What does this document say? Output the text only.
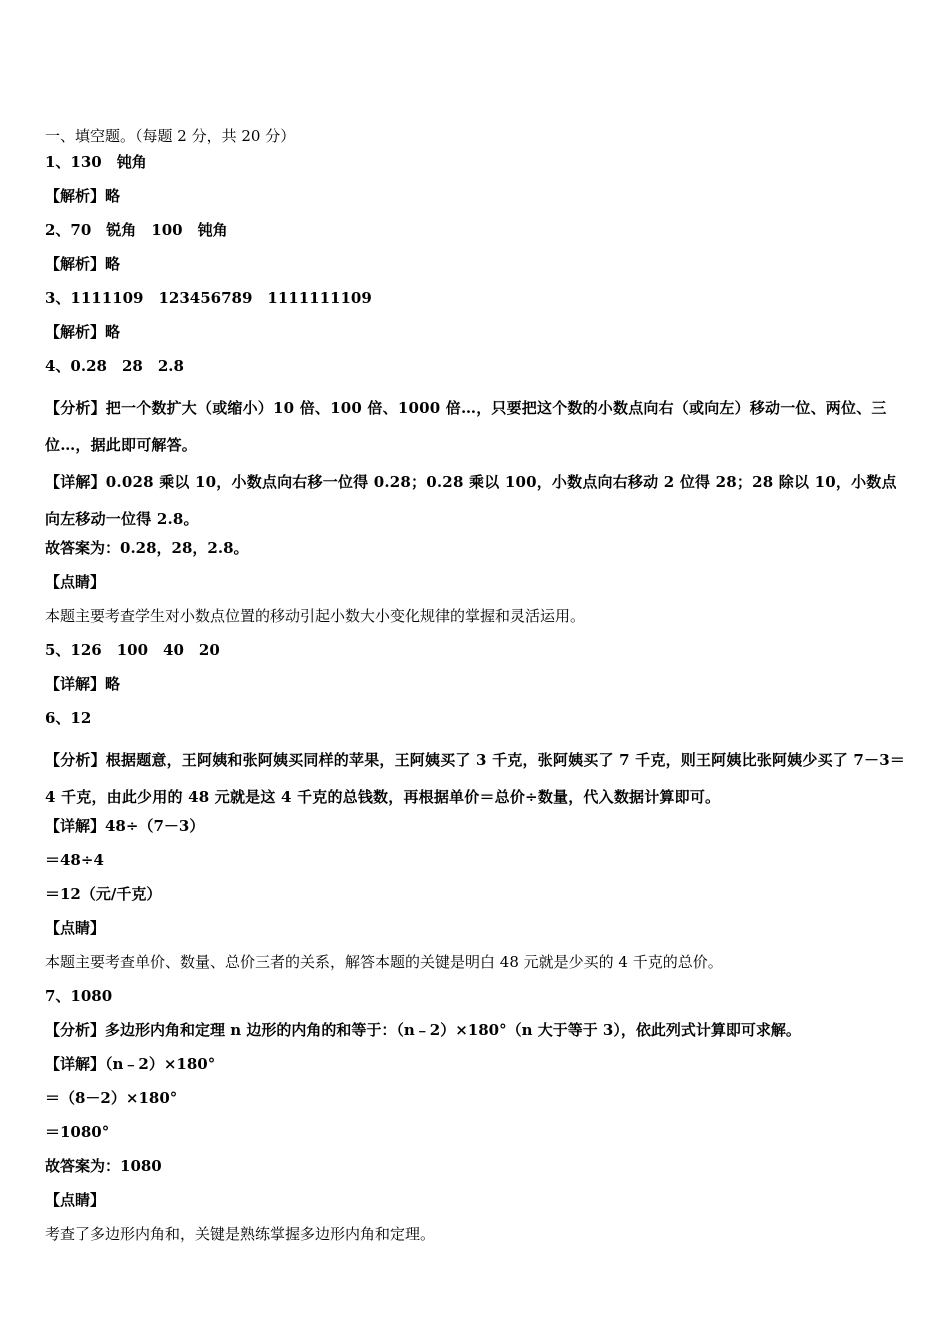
一、填空题。（每题 2 分，共 20 分）
1、130　钝角
【解析】略
2、70　锐角　100　钝角
【解析】略
3、1111109　123456789　1111111109
【解析】略
4、0.28　28　2.8
【分析】把一个数扩大（或缩小）10 倍、100 倍、1000 倍…，只要把这个数的小数点向右（或向左）移动一位、两位、三位…，据此即可解答。
【详解】0.028 乘以 10，小数点向右移一位得 0.28；0.28 乘以 100，小数点向右移动 2 位得 28；28 除以 10，小数点向左移动一位得 2.8。
故答案为：0.28，28，2.8。
【点睛】
本题主要考查学生对小数点位置的移动引起小数大小变化规律的掌握和灵活运用。
5、126　100　40　20
【详解】略
6、12
【分析】根据题意，王阿姨和张阿姨买同样的苹果，王阿姨买了 3 千克，张阿姨买了 7 千克，则王阿姨比张阿姨少买了 7－3＝4 千克，由此少用的 48 元就是这 4 千克的总钱数，再根据单价＝总价÷数量，代入数据计算即可。
【详解】48÷（7－3）
＝48÷4
＝12（元/千克）
【点睛】
本题主要考查单价、数量、总价三者的关系，解答本题的关键是明白 48 元就是少买的 4 千克的总价。
7、1080
【分析】多边形内角和定理 n 边形的内角的和等于：（n﹣2）×180°（n 大于等于 3），依此列式计算即可求解。
【详解】（n﹣2）×180°
＝（8－2）×180°
＝1080°
故答案为：1080
【点睛】
考查了多边形内角和，关键是熟练掌握多边形内角和定理。
